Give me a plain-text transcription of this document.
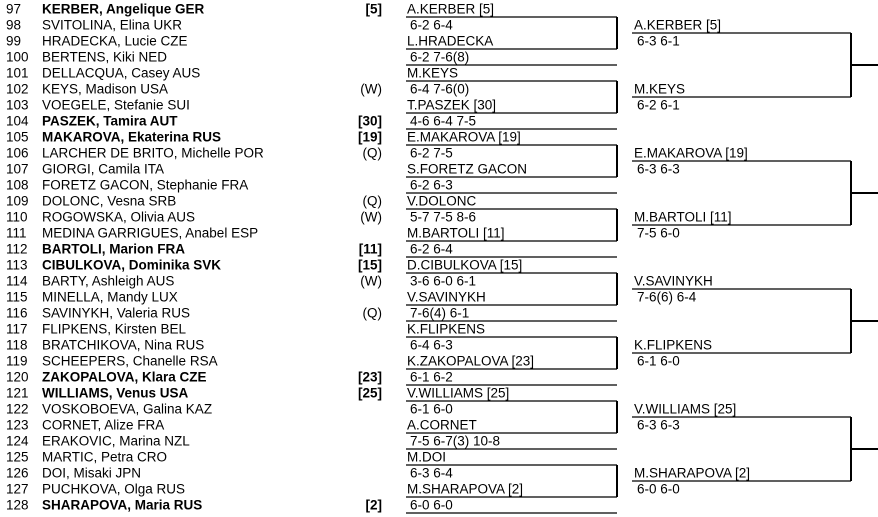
97 KERBER, Angelique GER	[5]
98 SVITOLINA, Elina UKR
99 HRADECKA, Lucie CZE
100 BERTENS, Kiki NED
101 DELLACQUA, Casey AUS
102 KEYS, Madison USA	(W)
103 VOEGELE, Stefanie SUI
104 PASZEK, Tamira AUT	[30]
105 MAKAROVA, Ekaterina RUS	[19]
106 LARCHER DE BRITO, Michelle POR	(Q)
107 GIORGI, Camila ITA
108 FORETZ GACON, Stephanie FRA
109 DOLONC, Vesna SRB	(Q)
110 ROGOWSKA, Olivia AUS	(W)
111 MEDINA GARRIGUES, Anabel ESP
112 BARTOLI, Marion FRA	[11]
113 CIBULKOVA, Dominika SVK	[15]
114 BARTY, Ashleigh AUS	(W)
115 MINELLA, Mandy LUX
116 SAVINYKH, Valeria RUS	(Q)
117 FLIPKENS, Kirsten BEL
118 BRATCHIKOVA, Nina RUS
119 SCHEEPERS, Chanelle RSA
120 ZAKOPALOVA, Klara CZE	[23]
121 WILLIAMS, Venus USA	[25]
122 VOSKOBOEVA, Galina KAZ
123 CORNET, Alize FRA
124 ERAKOVIC, Marina NZL
125 MARTIC, Petra CRO
126 DOI, Misaki JPN
127 PUCHKOVA, Olga RUS
128 SHARAPOVA, Maria RUS	[2]
A.KERBER [5]
6-2 6-4
L.HRADECKA
6-2 7-6(8)
M.KEYS
6-4 7-6(0)
T.PASZEK [30]
4-6 6-4 7-5
E.MAKAROVA [19]
6-2 7-5
S.FORETZ GACON
6-2 6-3
V.DOLONC
5-7 7-5 8-6
M.BARTOLI [11]
6-2 6-4
D.CIBULKOVA [15]
3-6 6-0 6-1
V.SAVINYKH
7-6(4) 6-1
K.FLIPKENS
6-4 6-3
K.ZAKOPALOVA [23]
6-1 6-2
V.WILLIAMS [25]
6-1 6-0
A.CORNET
7-5 6-7(3) 10-8
M.DOI
6-3 6-4
M.SHARAPOVA [2]
6-0 6-0
A.KERBER [5]
6-3 6-1
M.KEYS
6-2 6-1
E.MAKAROVA [19]
6-3 6-3
M.BARTOLI [11]
7-5 6-0
V.SAVINYKH
7-6(6) 6-4
K.FLIPKENS
6-1 6-0
V.WILLIAMS [25]
6-3 6-3
M.SHARAPOVA [2]
6-0 6-0
